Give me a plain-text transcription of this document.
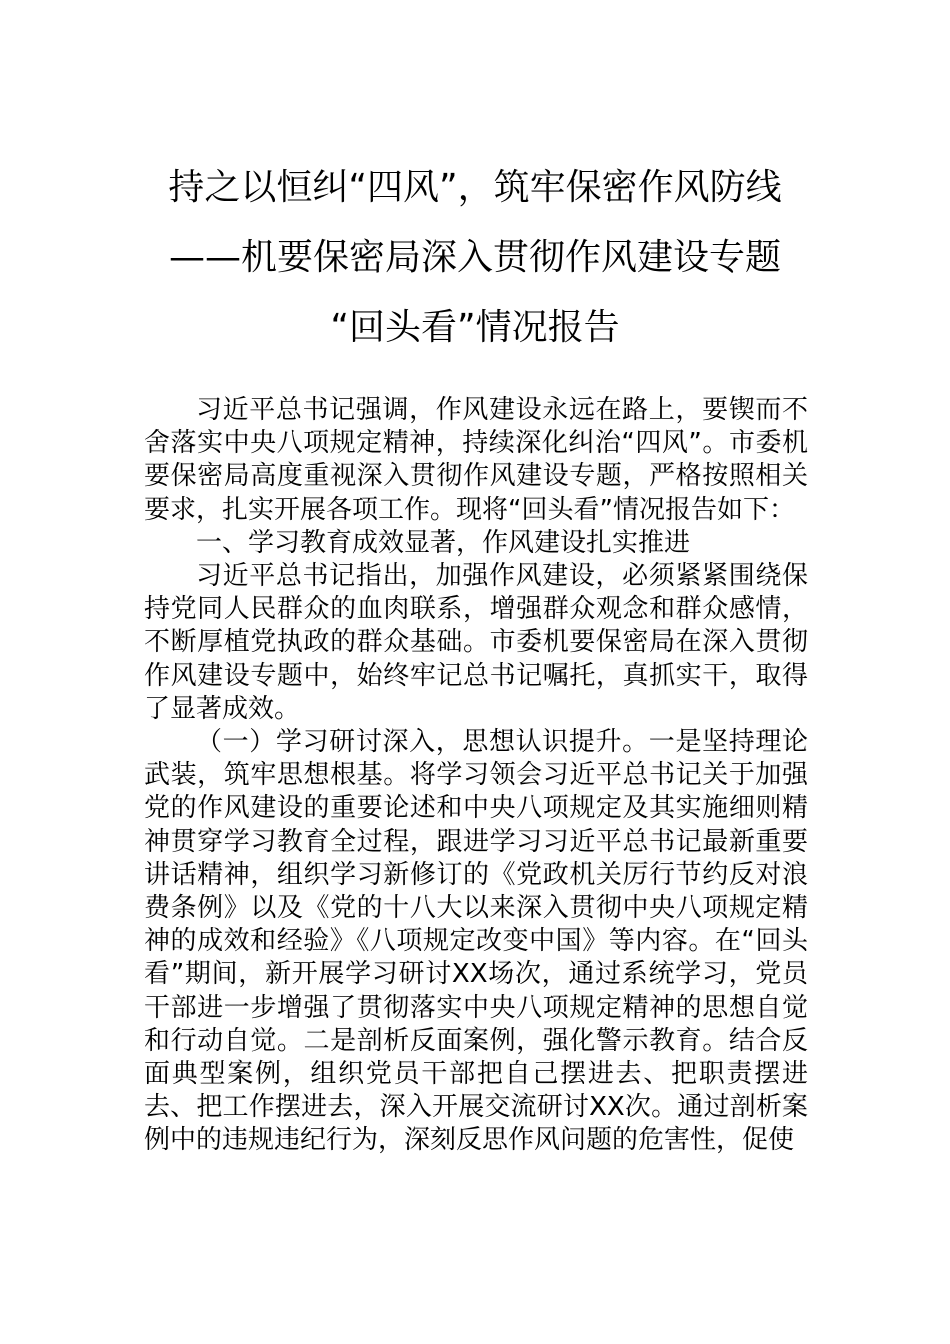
持之以恒纠“四风”，筑牢保密作风防线
——机要保密局深入贯彻作风建设专题
“回头看”情况报告

习近平总书记强调，作风建设永远在路上，要锲而不舍落实中央八项规定精神，持续深化纠治“四风”。市委机要保密局高度重视深入贯彻作风建设专题，严格按照相关要求，扎实开展各项工作。现将“回头看”情况报告如下：

一、学习教育成效显著，作风建设扎实推进

习近平总书记指出，加强作风建设，必须紧紧围绕保持党同人民群众的血肉联系，增强群众观念和群众感情，不断厚植党执政的群众基础。市委机要保密局在深入贯彻作风建设专题中，始终牢记总书记嘱托，真抓实干，取得了显著成效。

（一）学习研讨深入，思想认识提升。一是坚持理论武装，筑牢思想根基。将学习领会习近平总书记关于加强党的作风建设的重要论述和中央八项规定及其实施细则精神贯穿学习教育全过程，跟进学习习近平总书记最新重要讲话精神，组织学习新修订的《党政机关厉行节约反对浪费条例》以及《党的十八大以来深入贯彻中央八项规定精神的成效和经验》《八项规定改变中国》等内容。在“回头看”期间，新开展学习研讨XX场次，通过系统学习，党员干部进一步增强了贯彻落实中央八项规定精神的思想自觉和行动自觉。二是剖析反面案例，强化警示教育。结合反面典型案例，组织党员干部把自己摆进去、把职责摆进去、把工作摆进去，深入开展交流研讨XX次。通过剖析案例中的违规违纪行为，深刻反思作风问题的危害性，促使
